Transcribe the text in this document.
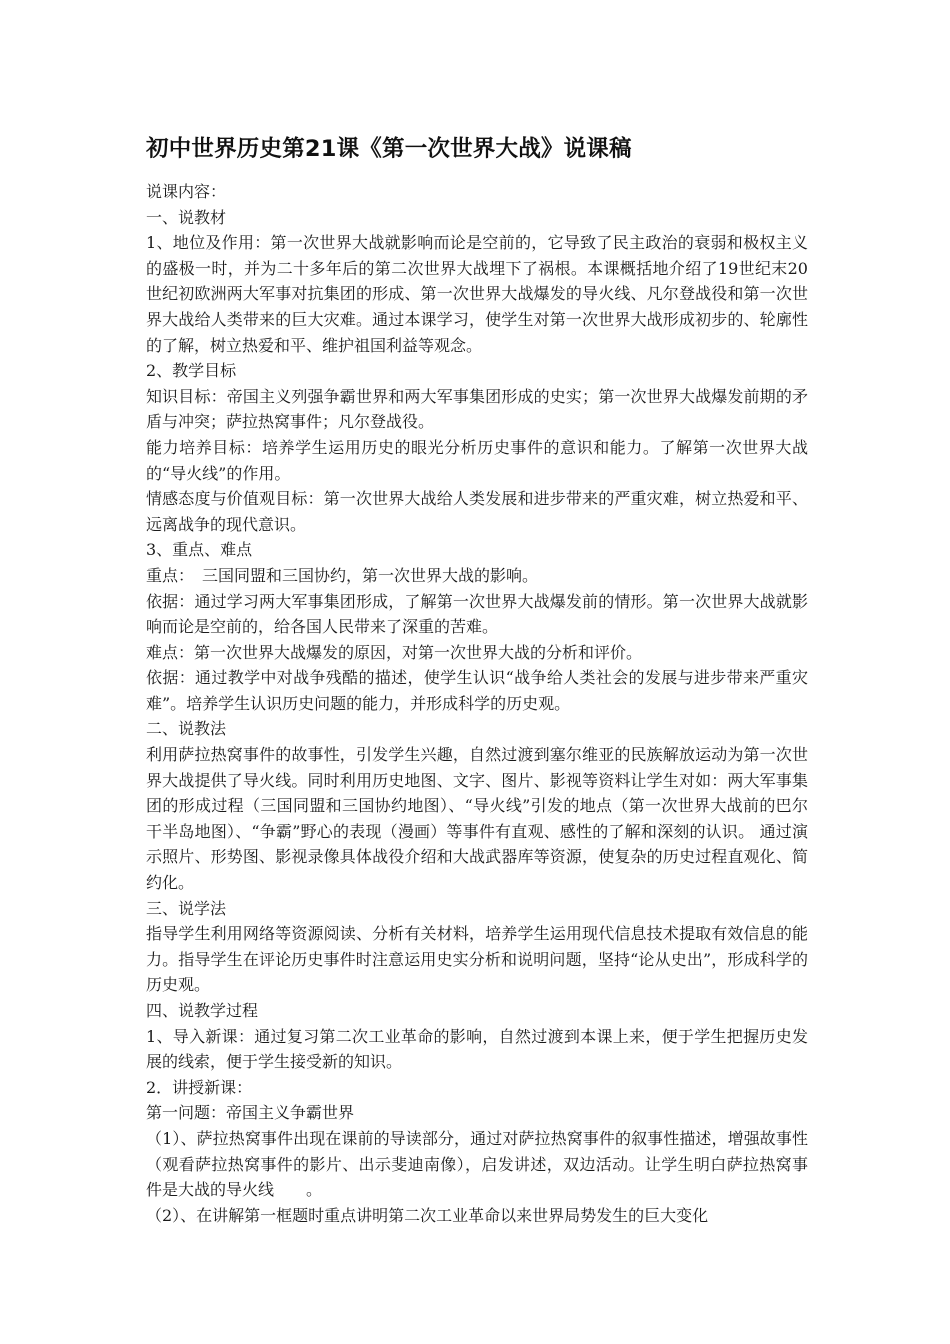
初中世界历史第21课《第一次世界大战》说课稿

说课内容：

一、说教材

1、地位及作用：第一次世界大战就影响而论是空前的，它导致了民主政治的衰弱和极权主义的盛极一时，并为二十多年后的第二次世界大战埋下了祸根。本课概括地介绍了19世纪末20世纪初欧洲两大军事对抗集团的形成、第一次世界大战爆发的导火线、凡尔登战役和第一次世界大战给人类带来的巨大灾难。通过本课学习，使学生对第一次世界大战形成初步的、轮廓性的了解，树立热爱和平、维护祖国利益等观念。

2、教学目标

知识目标：帝国主义列强争霸世界和两大军事集团形成的史实；第一次世界大战爆发前期的矛盾与冲突；萨拉热窝事件；凡尔登战役。

能力培养目标：培养学生运用历史的眼光分析历史事件的意识和能力。了解第一次世界大战的“导火线”的作用。

情感态度与价值观目标：第一次世界大战给人类发展和进步带来的严重灾难，树立热爱和平、远离战争的现代意识。

3、重点、难点

重点：　三国同盟和三国协约，第一次世界大战的影响。

依据：通过学习两大军事集团形成，了解第一次世界大战爆发前的情形。第一次世界大战就影响而论是空前的，给各国人民带来了深重的苦难。

难点：第一次世界大战爆发的原因，对第一次世界大战的分析和评价。

依据：通过教学中对战争残酷的描述，使学生认识“战争给人类社会的发展与进步带来严重灾难”。培养学生认识历史问题的能力，并形成科学的历史观。

二、说教法

利用萨拉热窝事件的故事性，引发学生兴趣，自然过渡到塞尔维亚的民族解放运动为第一次世界大战提供了导火线。同时利用历史地图、文字、图片、影视等资料让学生对如：两大军事集团的形成过程（三国同盟和三国协约地图）、“导火线”引发的地点（第一次世界大战前的巴尔干半岛地图）、“争霸”野心的表现（漫画）等事件有直观、感性的了解和深刻的认识。 通过演示照片、形势图、影视录像具体战役介绍和大战武器库等资源，使复杂的历史过程直观化、简约化。

三、说学法

指导学生利用网络等资源阅读、分析有关材料，培养学生运用现代信息技术提取有效信息的能力。指导学生在评论历史事件时注意运用史实分析和说明问题，坚持“论从史出”，形成科学的历史观。

四、说教学过程

1、导入新课：通过复习第二次工业革命的影响，自然过渡到本课上来，便于学生把握历史发展的线索，便于学生接受新的知识。

2．讲授新课：

第一问题：帝国主义争霸世界

（1）、萨拉热窝事件出现在课前的导读部分，通过对萨拉热窝事件的叙事性描述，增强故事性（观看萨拉热窝事件的影片、出示斐迪南像），启发讲述，双边活动。让学生明白萨拉热窝事件是大战的导火线　　。

（2）、在讲解第一框题时重点讲明第二次工业革命以来世界局势发生的巨大变化
